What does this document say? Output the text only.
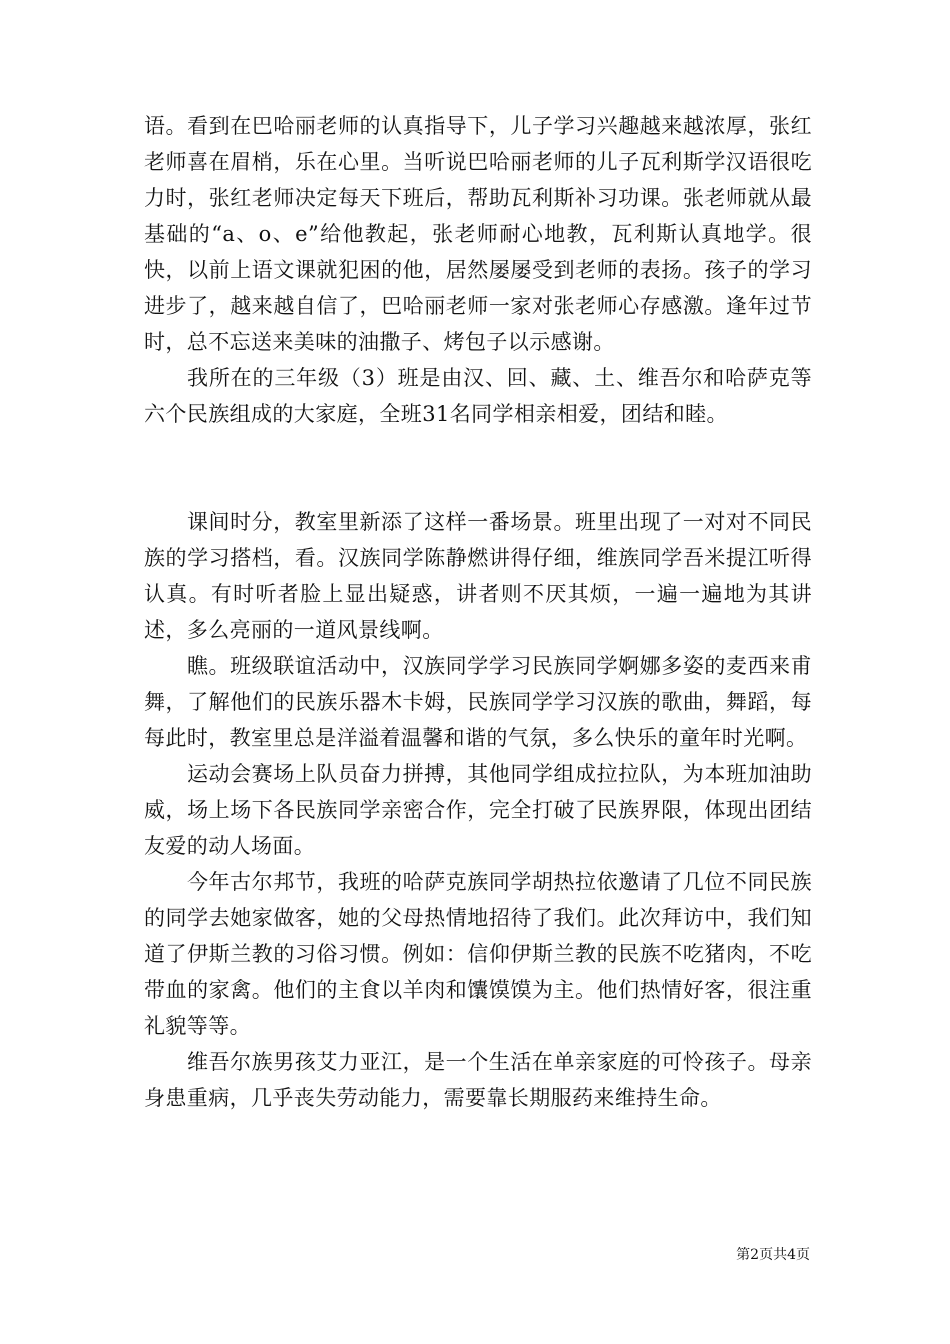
语。看到在巴哈丽老师的认真指导下，儿子学习兴趣越来越浓厚，张红老师喜在眉梢，乐在心里。当听说巴哈丽老师的儿子瓦利斯学汉语很吃力时，张红老师决定每天下班后，帮助瓦利斯补习功课。张老师就从最基础的“a、o、e”给他教起，张老师耐心地教，瓦利斯认真地学。很快，以前上语文课就犯困的他，居然屡屡受到老师的表扬。孩子的学习进步了，越来越自信了，巴哈丽老师一家对张老师心存感激。逢年过节时，总不忘送来美味的油撒子、烤包子以示感谢。

我所在的三年级（3）班是由汉、回、藏、土、维吾尔和哈萨克等六个民族组成的大家庭，全班31名同学相亲相爱，团结和睦。

课间时分，教室里新添了这样一番场景。班里出现了一对对不同民族的学习搭档，看。汉族同学陈静燃讲得仔细，维族同学吾米提江听得认真。有时听者脸上显出疑惑，讲者则不厌其烦，一遍一遍地为其讲述，多么亮丽的一道风景线啊。

瞧。班级联谊活动中，汉族同学学习民族同学婀娜多姿的麦西来甫舞，了解他们的民族乐器木卡姆，民族同学学习汉族的歌曲，舞蹈，每每此时，教室里总是洋溢着温馨和谐的气氛，多么快乐的童年时光啊。

运动会赛场上队员奋力拼搏，其他同学组成拉拉队，为本班加油助威，场上场下各民族同学亲密合作，完全打破了民族界限，体现出团结友爱的动人场面。

今年古尔邦节，我班的哈萨克族同学胡热拉依邀请了几位不同民族的同学去她家做客，她的父母热情地招待了我们。此次拜访中，我们知道了伊斯兰教的习俗习惯。例如：信仰伊斯兰教的民族不吃猪肉，不吃带血的家禽。他们的主食以羊肉和馕馍馍为主。他们热情好客，很注重礼貌等等。

维吾尔族男孩艾力亚江，是一个生活在单亲家庭的可怜孩子。母亲身患重病，几乎丧失劳动能力，需要靠长期服药来维持生命。

第2页共4页
